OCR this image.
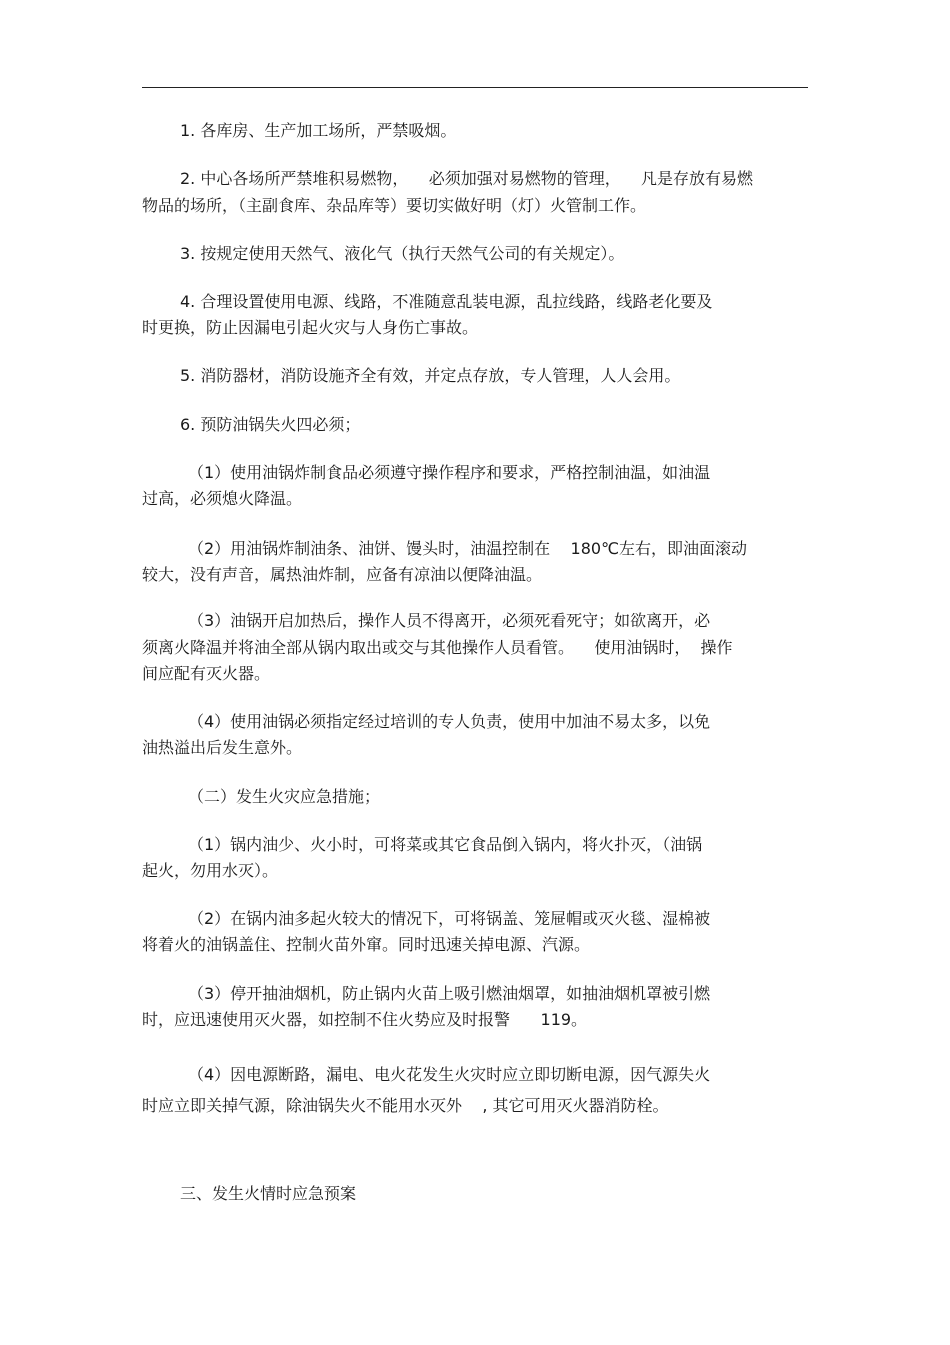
1. 各库房、生产加工场所，严禁吸烟。
2. 中心各场所严禁堆积易燃物，    必须加强对易燃物的管理，    凡是存放有易燃
物品的场所，（主副食库、杂品库等）要切实做好明（灯）火管制工作。
3. 按规定使用天然气、液化气（执行天然气公司的有关规定）。
4. 合理设置使用电源、线路，不准随意乱装电源，乱拉线路，线路老化要及
时更换，防止因漏电引起火灾与人身伤亡事故。
5. 消防器材，消防设施齐全有效，并定点存放，专人管理，人人会用。
6. 预防油锅失火四必须；
（1）使用油锅炸制食品必须遵守操作程序和要求，严格控制油温，如油温
过高，必须熄火降温。
（2）用油锅炸制油条、油饼、馒头时，油温控制在    180℃左右，即油面滚动
较大，没有声音，属热油炸制，应备有凉油以便降油温。
（3）油锅开启加热后，操作人员不得离开，必须死看死守；如欲离开，必
须离火降温并将油全部从锅内取出或交与其他操作人员看管。    使用油锅时，  操作
间应配有灭火器。
（4）使用油锅必须指定经过培训的专人负责，使用中加油不易太多，以免
油热溢出后发生意外。
（二）发生火灾应急措施；
（1）锅内油少、火小时，可将菜或其它食品倒入锅内，将火扑灭，（油锅
起火，勿用水灭）。
（2）在锅内油多起火较大的情况下，可将锅盖、笼屉帽或灭火毯、湿棉被
将着火的油锅盖住、控制火苗外窜。同时迅速关掉电源、汽源。
（3）停开抽油烟机，防止锅内火苗上吸引燃油烟罩，如抽油烟机罩被引燃
时，应迅速使用灭火器，如控制不住火势应及时报警      119。
（4）因电源断路，漏电、电火花发生火灾时应立即切断电源，因气源失火
时应立即关掉气源，除油锅失火不能用水灭外    , 其它可用灭火器消防栓。
三、发生火情时应急预案
